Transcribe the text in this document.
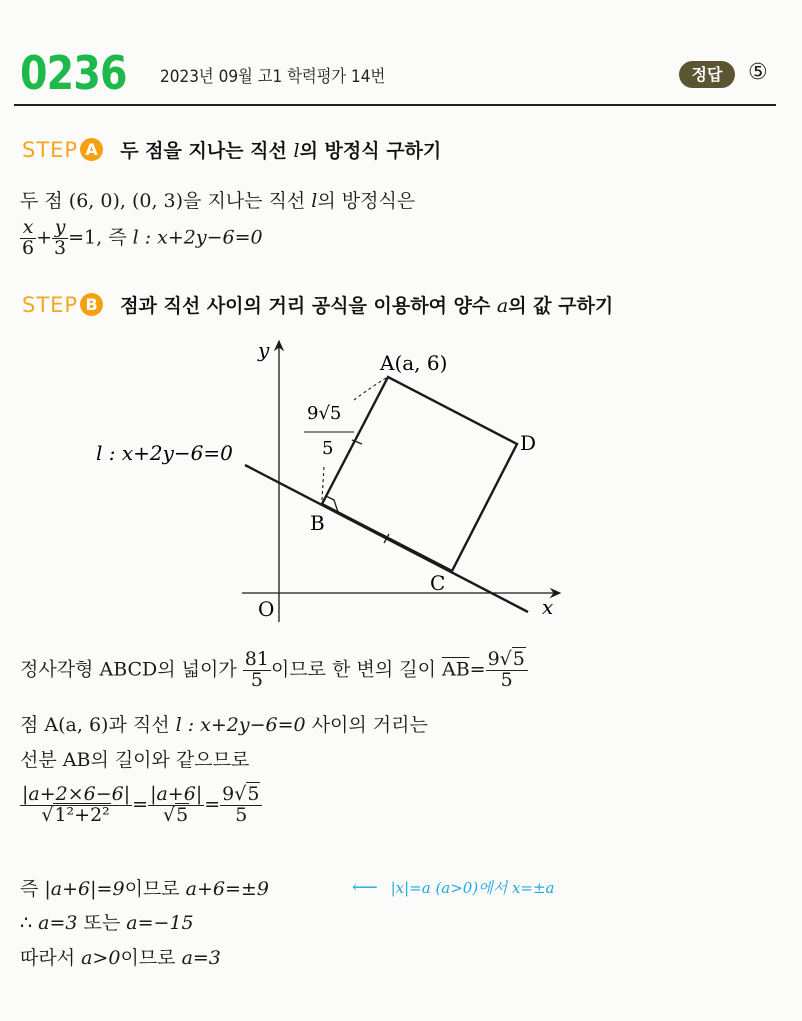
0236 2023년 09월 고1 학력평가 14번	정답	⑤
STEP A 두 점을 지나는 직선 l의 방정식 구하기
두 점 (6, 0), (0, 3)을 지나는 직선 l의 방정식은
$\frac{x}{6} + \frac{y}{3} =1$, 즉 l : x+2y−6=0
STEP B 점과 직선 사이의 거리 공식을 이용하여 양수 a의 값 구하기
y
x
O
l : x+2y−6=0
A(a, 6)
B
C
D
9√5
5
정사각형 ABCD의 넓이가 $\frac{81}{5}$ 이므로 한 변의 길이 $\overline{AB}= \frac{9√5}{5}$
점 A(a, 6)과 직선 l : x+2y−6=0 사이의 거리는
선분 AB의 길이와 같으므로
$\frac{|a+2\times 6-6|}{\text{√1²+2²}} = \frac{|a+6|}{√5} = \frac{9√5}{5}$
즉 |a+6|=9이므로 a+6=±9	⟵ |x|=a (a>0)에서 x=±a
∴ a=3 또는 a=−15
따라서 a>0이므로 a=3
